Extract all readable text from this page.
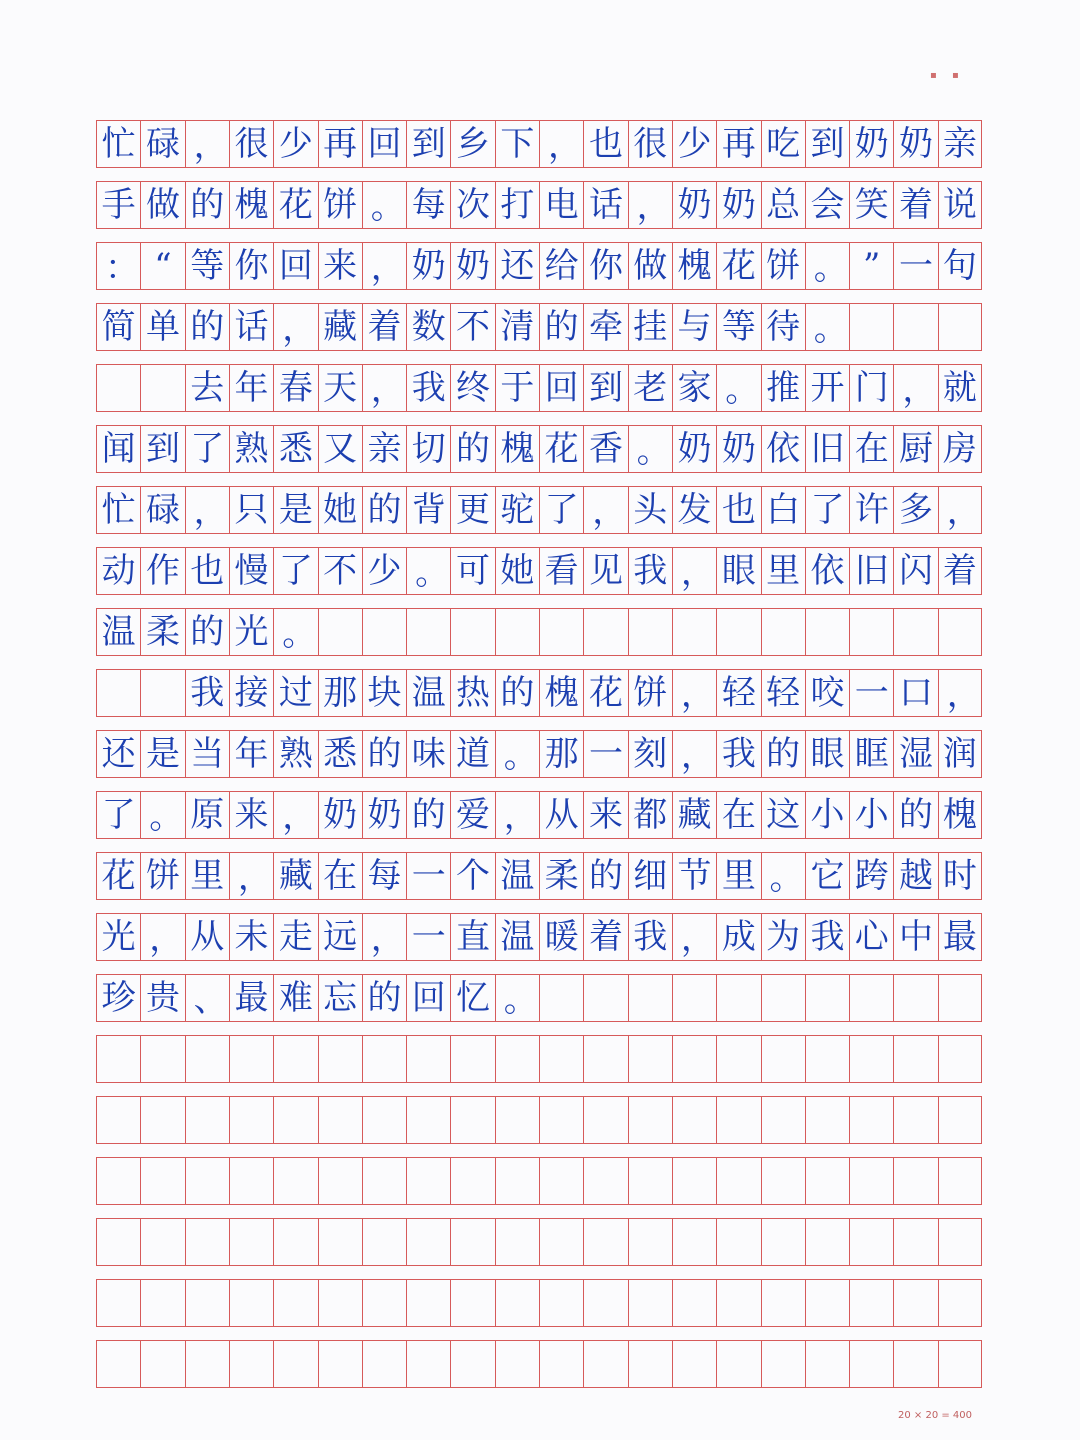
▪ ▪
忙 碌 ， 很 少 再 回 到 乡 下 ， 也 很 少 再 吃 到 奶 奶 亲
手 做 的 槐 花 饼 。 每 次 打 电 话 ， 奶 奶 总 会 笑 着 说
： “ 等 你 回 来 ， 奶 奶 还 给 你 做 槐 花 饼 。 ” 一 句
简 单 的 话 ， 藏 着 数 不 清 的 牵 挂 与 等 待 。
去 年 春 天 ， 我 终 于 回 到 老 家 。 推 开 门 ， 就
闻 到 了 熟 悉 又 亲 切 的 槐 花 香 。 奶 奶 依 旧 在 厨 房
忙 碌 ， 只 是 她 的 背 更 驼 了 ， 头 发 也 白 了 许 多 ，
动 作 也 慢 了 不 少 。 可 她 看 见 我 ， 眼 里 依 旧 闪 着
温 柔 的 光 。
我 接 过 那 块 温 热 的 槐 花 饼 ， 轻 轻 咬 一 口 ，
还 是 当 年 熟 悉 的 味 道 。 那 一 刻 ， 我 的 眼 眶 湿 润
了 。 原 来 ， 奶 奶 的 爱 ， 从 来 都 藏 在 这 小 小 的 槐
花 饼 里 ， 藏 在 每 一 个 温 柔 的 细 节 里 。 它 跨 越 时
光 ， 从 未 走 远 ， 一 直 温 暖 着 我 ， 成 为 我 心 中 最
珍 贵 、 最 难 忘 的 回 忆 。
20 × 20 = 400
